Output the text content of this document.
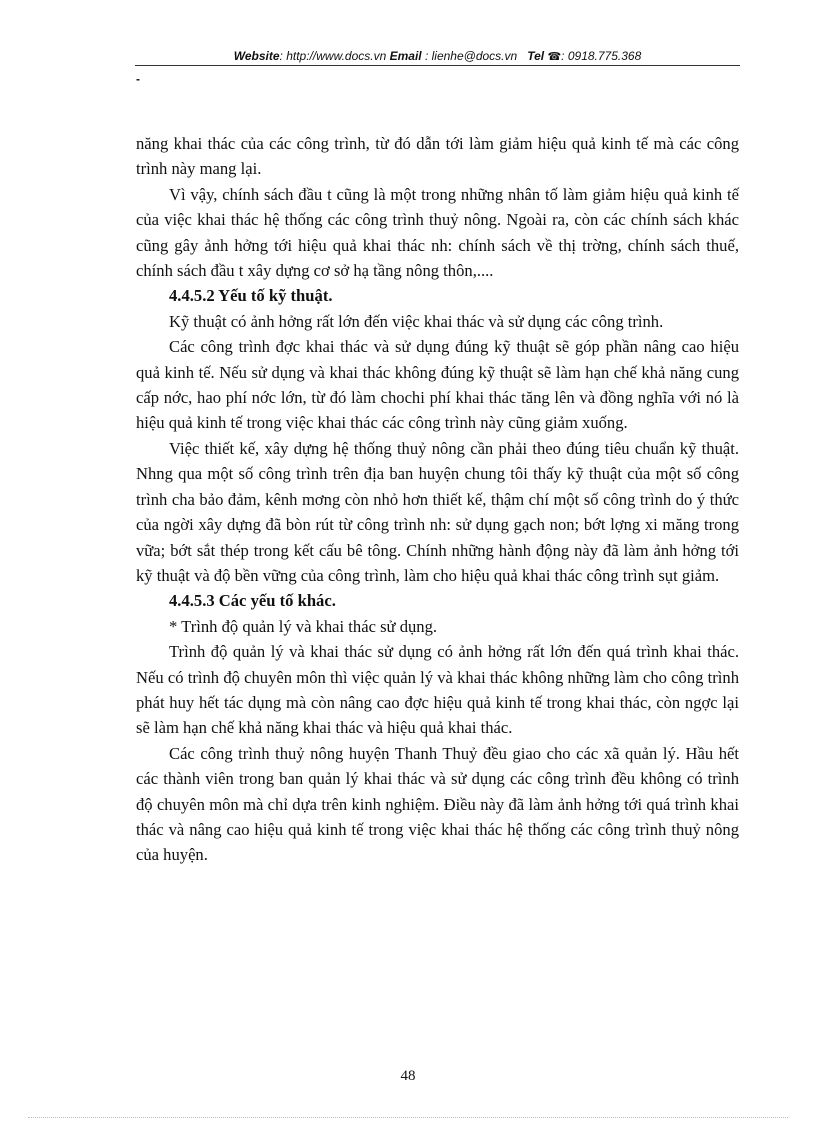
Website: http://www.docs.vn Email : lienhe@docs.vn Tel ☎: 0918.775.368
-

năng khai thác của các công trình, từ đó dẫn tới làm giảm hiệu quả kinh tế mà các công trình này mang lại.

Vì vậy, chính sách đầu t cũng là một trong những nhân tố làm giảm hiệu quả kinh tế của việc khai thác hệ thống các công trình thuỷ nông. Ngoài ra, còn các chính sách khác cũng gây ảnh hởng tới hiệu quả khai thác nh: chính sách về thị trờng, chính sách thuế, chính sách đầu t xây dựng cơ sở hạ tầng nông thôn,....

4.4.5.2 Yếu tố kỹ thuật.

Kỹ thuật có ảnh hởng rất lớn đến việc khai thác và sử dụng các công trình.

Các công trình đợc khai thác và sử dụng đúng kỹ thuật sẽ góp phần nâng cao hiệu quả kinh tế. Nếu sử dụng và khai thác không đúng kỹ thuật sẽ làm hạn chế khả năng cung cấp nớc, hao phí nớc lớn, từ đó làm chochi phí khai thác tăng lên và đồng nghĩa với nó là hiệu quả kinh tế trong việc khai thác các công trình này cũng giảm xuống.

Việc thiết kế, xây dựng hệ thống thuỷ nông cần phải theo đúng tiêu chuẩn kỹ thuật. Nhng qua một số công trình trên địa ban huyện chung tôi thấy kỹ thuật của một số công trình cha bảo đảm, kênh mơng còn nhỏ hơn thiết kế, thậm chí một số công trình do ý thức của ngời xây dựng đã bòn rút từ công trình nh: sử dụng gạch non; bớt lợng xi măng trong vữa; bớt sắt thép trong kết cấu bê tông. Chính những hành động này đã làm ảnh hởng tới kỹ thuật và độ bền vững của công trình, làm cho hiệu quả khai thác công trình sụt giảm.

4.4.5.3 Các yếu tố khác.

* Trình độ quản lý và khai thác sử dụng.

Trình độ quản lý và khai thác sử dụng có ảnh hởng rất lớn đến quá trình khai thác. Nếu có trình độ chuyên môn thì việc quản lý và khai thác không những làm cho công trình phát huy hết tác dụng mà còn nâng cao đợc hiệu quả kinh tế trong khai thác, còn ngợc lại sẽ làm hạn chế khả năng khai thác và hiệu quả khai thác.

Các công trình thuỷ nông huyện Thanh Thuỷ đều giao cho các xã quản lý. Hầu hết các thành viên trong ban quản lý khai thác và sử dụng các công trình đều không có trình độ chuyên môn mà chỉ dựa trên kinh nghiệm. Điều này đã làm ảnh hởng tới quá trình khai thác và nâng cao hiệu quả kinh tế trong việc khai thác hệ thống các công trình thuỷ nông của huyện.

48
